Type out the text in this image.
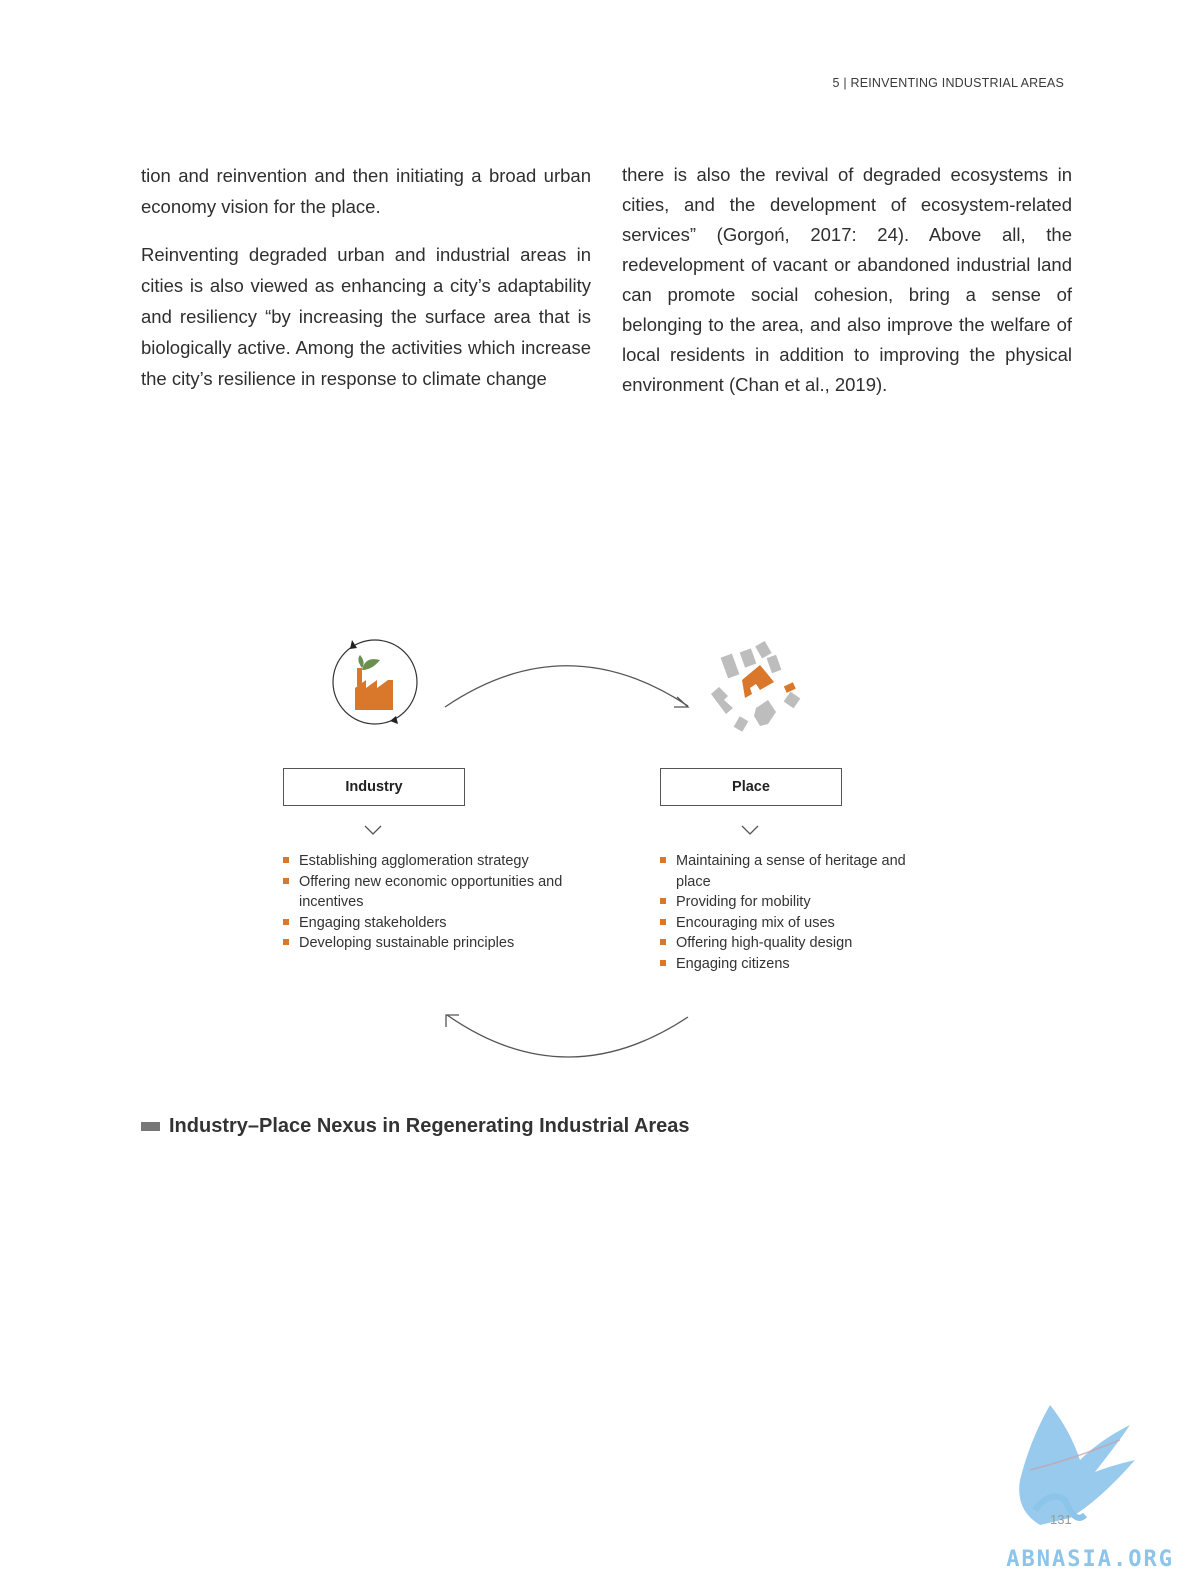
5 | REINVENTING INDUSTRIAL AREAS

tion and reinvention and then initiating a broad urban economy vision for the place.

Reinventing degraded urban and industrial areas in cities is also viewed as enhancing a city’s adaptability and resiliency “by increasing the surface area that is biologically active. Among the activities which increase the city’s resilience in response to climate change

there is also the revival of degraded ecosystems in cities, and the development of ecosystem-related services” (Gorgoń, 2017: 24). Above all, the redevelopment of vacant or abandoned industrial land can promote social cohesion, bring a sense of belonging to the area, and also improve the welfare of local residents in addition to improving the physical environment (Chan et al., 2019).

Industry	Place
Establishing agglomeration strategy
Offering new economic opportunities and incentives
Engaging stakeholders
Developing sustainable principles
Maintaining a sense of heritage and place
Providing for mobility
Encouraging mix of uses
Offering high-quality design
Engaging citizens
Industry–Place Nexus in Regenerating Industrial Areas
131
ABNASIA.ORG
